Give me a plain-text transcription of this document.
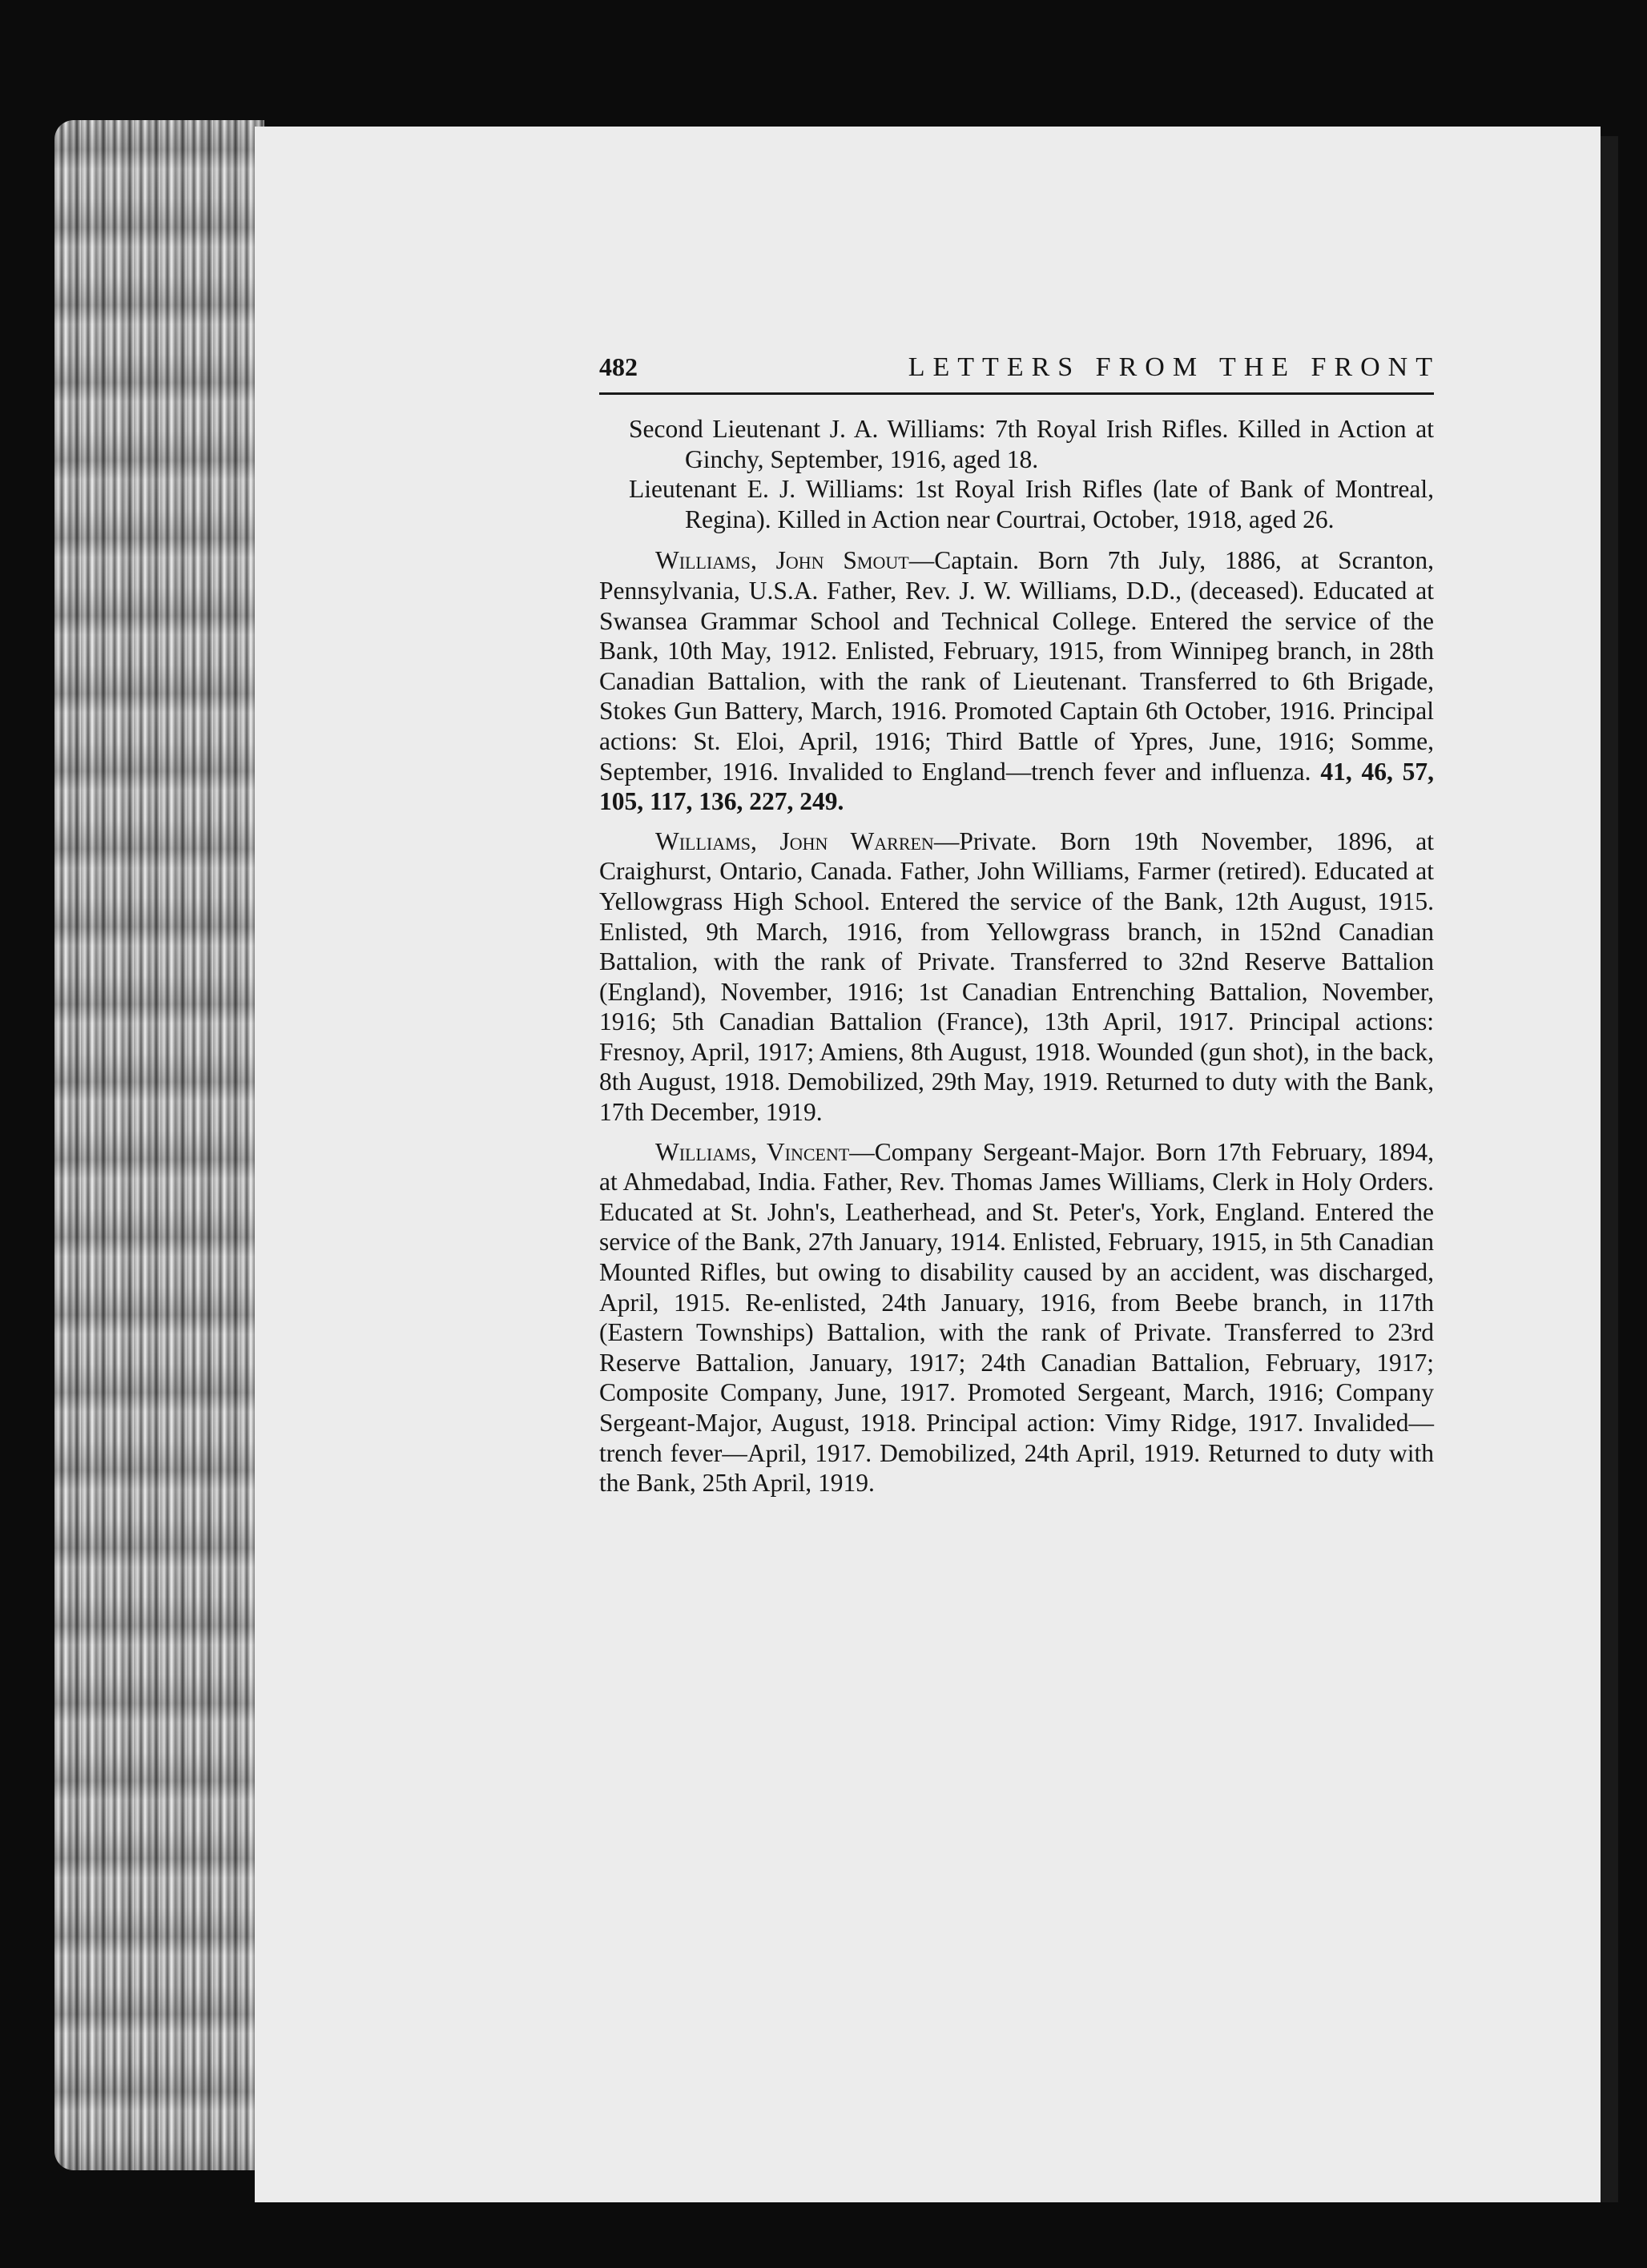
482	LETTERS FROM THE FRONT

Second Lieutenant J. A. Williams: 7th Royal Irish Rifles. Killed in Action at Ginchy, September, 1916, aged 18.

Lieutenant E. J. Williams: 1st Royal Irish Rifles (late of Bank of Montreal, Regina). Killed in Action near Courtrai, October, 1918, aged 26.

Williams, John Smout—Captain. Born 7th July, 1886, at Scranton, Pennsylvania, U.S.A. Father, Rev. J. W. Williams, D.D., (deceased). Educated at Swansea Grammar School and Technical College. Entered the service of the Bank, 10th May, 1912. Enlisted, February, 1915, from Winnipeg branch, in 28th Canadian Battalion, with the rank of Lieutenant. Transferred to 6th Brigade, Stokes Gun Battery, March, 1916. Promoted Captain 6th October, 1916. Principal actions: St. Eloi, April, 1916; Third Battle of Ypres, June, 1916; Somme, September, 1916. Invalided to England—trench fever and influenza. 41, 46, 57, 105, 117, 136, 227, 249.

Williams, John Warren—Private. Born 19th November, 1896, at Craighurst, Ontario, Canada. Father, John Williams, Farmer (retired). Educated at Yellowgrass High School. Entered the service of the Bank, 12th August, 1915. Enlisted, 9th March, 1916, from Yellowgrass branch, in 152nd Canadian Battalion, with the rank of Private. Transferred to 32nd Reserve Battalion (England), November, 1916; 1st Canadian Entrenching Battalion, November, 1916; 5th Canadian Battalion (France), 13th April, 1917. Principal actions: Fresnoy, April, 1917; Amiens, 8th August, 1918. Wounded (gun shot), in the back, 8th August, 1918. Demobilized, 29th May, 1919. Returned to duty with the Bank, 17th December, 1919.

Williams, Vincent—Company Sergeant-Major. Born 17th February, 1894, at Ahmedabad, India. Father, Rev. Thomas James Williams, Clerk in Holy Orders. Educated at St. John's, Leatherhead, and St. Peter's, York, England. Entered the service of the Bank, 27th January, 1914. Enlisted, February, 1915, in 5th Canadian Mounted Rifles, but owing to disability caused by an accident, was discharged, April, 1915. Re-enlisted, 24th January, 1916, from Beebe branch, in 117th (Eastern Townships) Battalion, with the rank of Private. Transferred to 23rd Reserve Battalion, January, 1917; 24th Canadian Battalion, February, 1917; Composite Company, June, 1917. Promoted Sergeant, March, 1916; Company Sergeant-Major, August, 1918. Principal action: Vimy Ridge, 1917. Invalided—trench fever—April, 1917. Demobilized, 24th April, 1919. Returned to duty with the Bank, 25th April, 1919.
